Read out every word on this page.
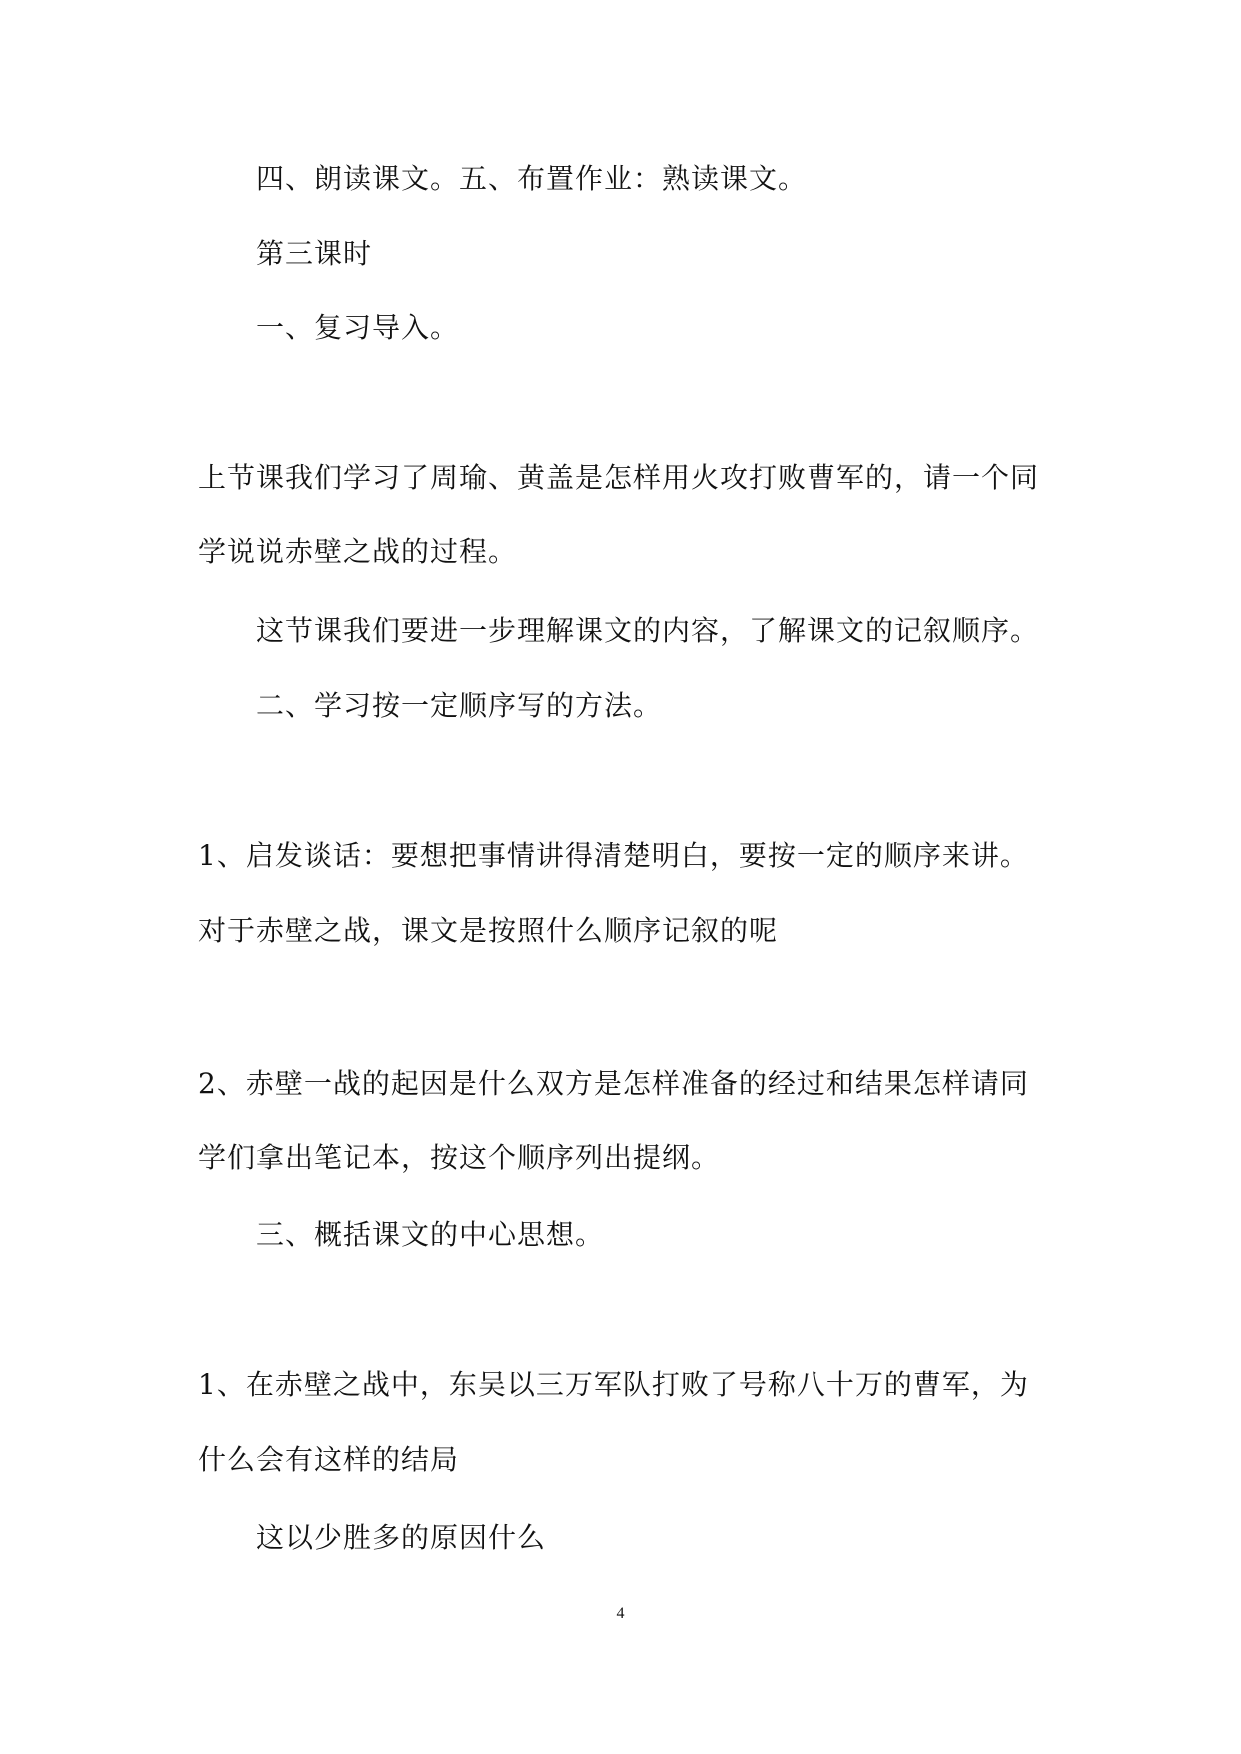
四、朗读课文。五、布置作业：熟读课文。
第三课时
一、复习导入。
上节课我们学习了周瑜、黄盖是怎样用火攻打败曹军的，请一个同
学说说赤壁之战的过程。
这节课我们要进一步理解课文的内容，了解课文的记叙顺序。
二、学习按一定顺序写的方法。
1、启发谈话：要想把事情讲得清楚明白，要按一定的顺序来讲。
对于赤壁之战，课文是按照什么顺序记叙的呢
2、赤壁一战的起因是什么双方是怎样准备的经过和结果怎样请同
学们拿出笔记本，按这个顺序列出提纲。
三、概括课文的中心思想。
1、在赤壁之战中，东吴以三万军队打败了号称八十万的曹军，为
什么会有这样的结局
这以少胜多的原因什么
4
